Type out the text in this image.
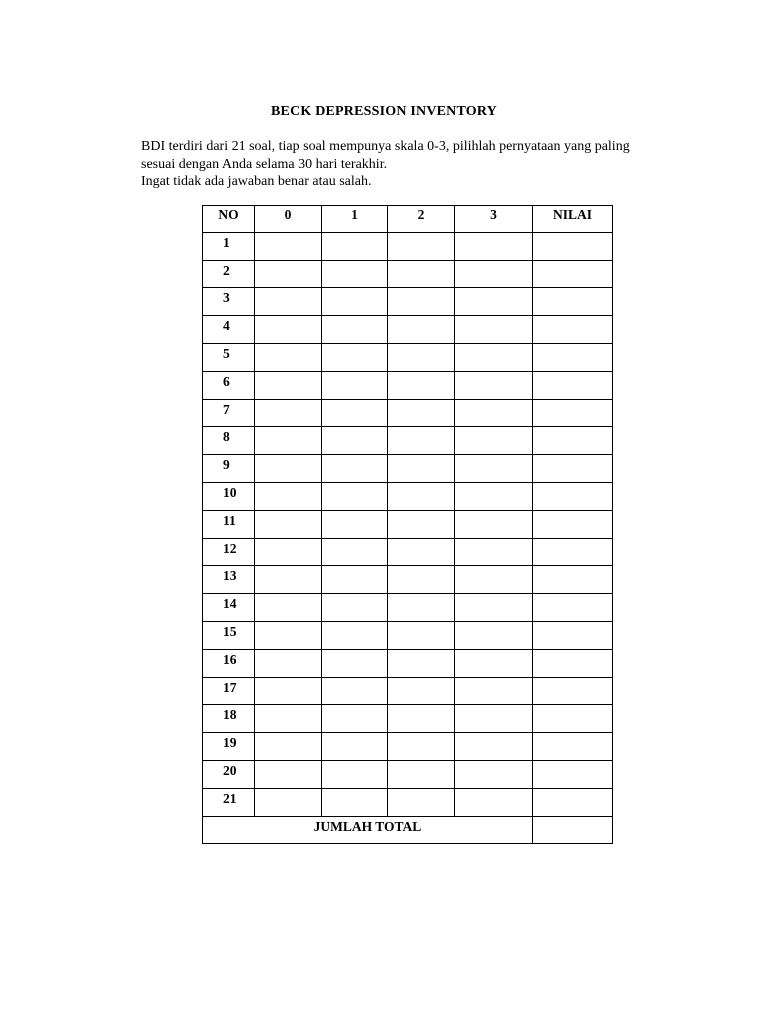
BECK DEPRESSION INVENTORY

BDI terdiri dari 21 soal, tiap soal mempunya skala 0-3, pilihlah pernyataan yang paling

sesuai dengan Anda selama 30 hari terakhir.

Ingat tidak ada jawaban benar atau salah.

NO	0	1	2	3	NILAI
1					
2					
3					
4					
5					
6					
7					
8					
9					
10					
11					
12					
13					
14					
15					
16					
17					
18					
19					
20					
21					
JUMLAH TOTAL					
